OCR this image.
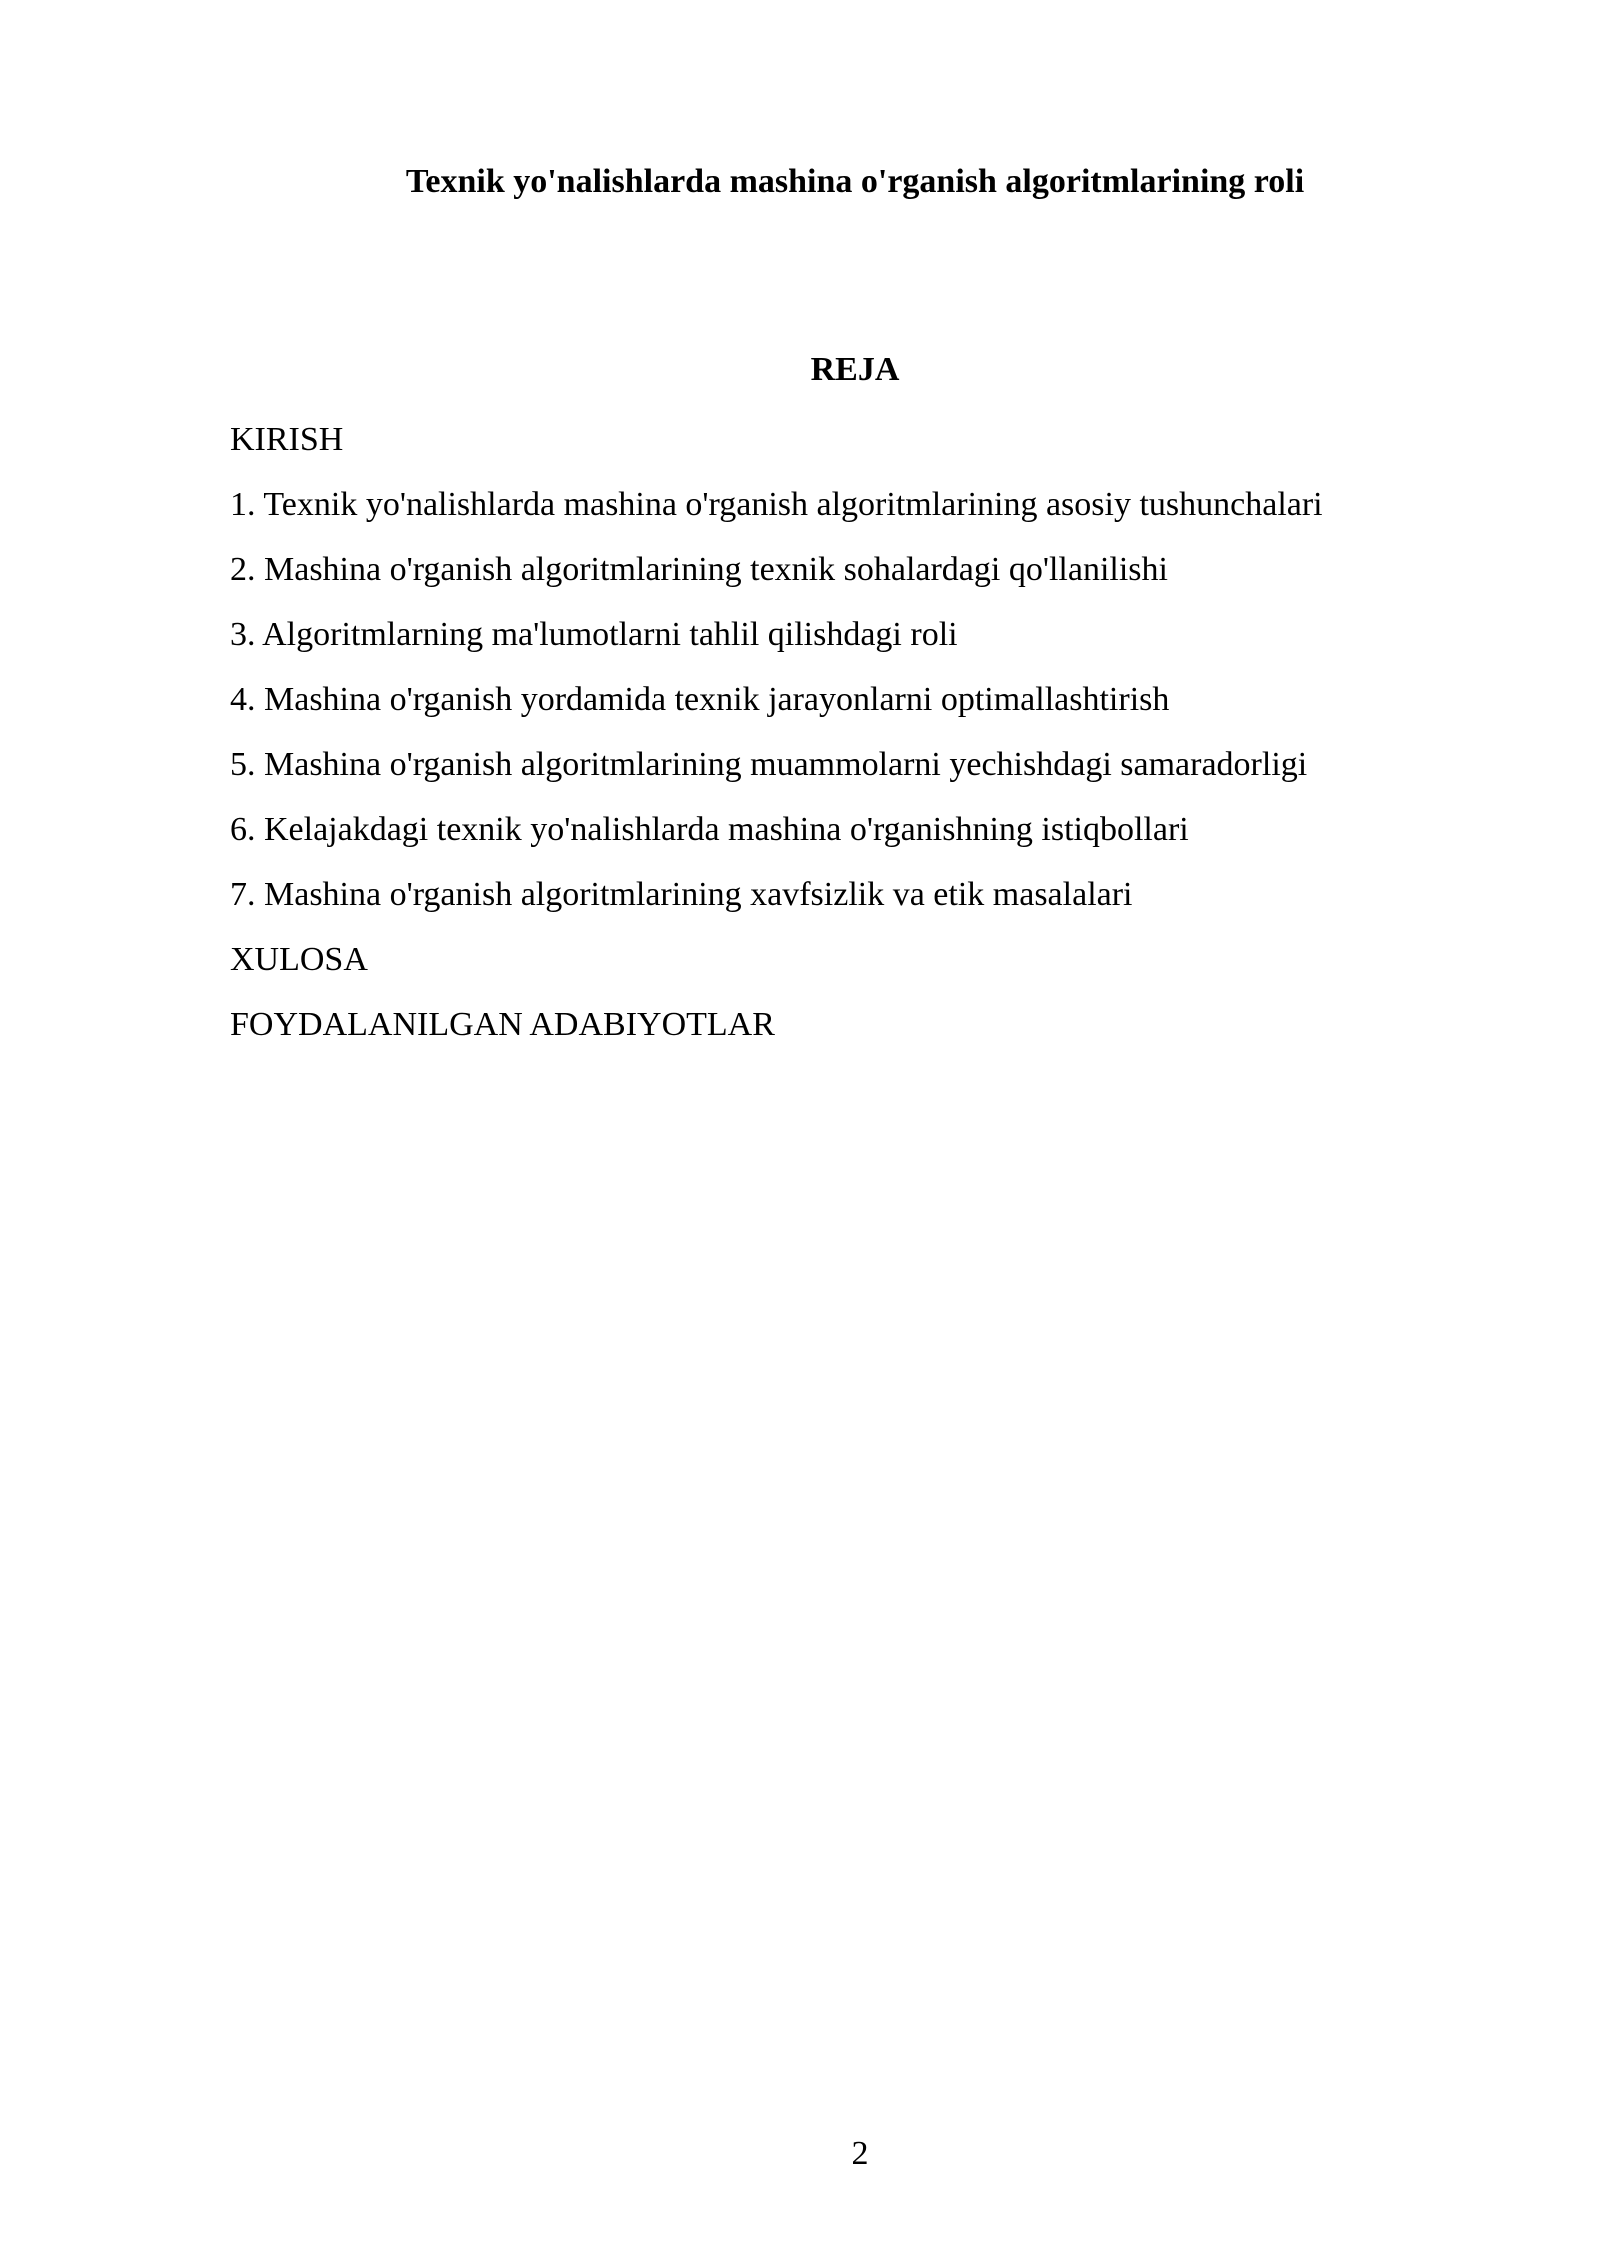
Texnik yo'nalishlarda mashina o'rganish algoritmlarining roli
REJA
KIRISH
1. Texnik yo'nalishlarda mashina o'rganish algoritmlarining asosiy tushunchalari
2. Mashina o'rganish algoritmlarining texnik sohalardagi qo'llanilishi
3. Algoritmlarning ma'lumotlarni tahlil qilishdagi roli
4. Mashina o'rganish yordamida texnik jarayonlarni optimallashtirish
5. Mashina o'rganish algoritmlarining muammolarni yechishdagi samaradorligi
6. Kelajakdagi texnik yo'nalishlarda mashina o'rganishning istiqbollari
7. Mashina o'rganish algoritmlarining xavfsizlik va etik masalalari
XULOSA
FOYDALANILGAN ADABIYOTLAR
2
